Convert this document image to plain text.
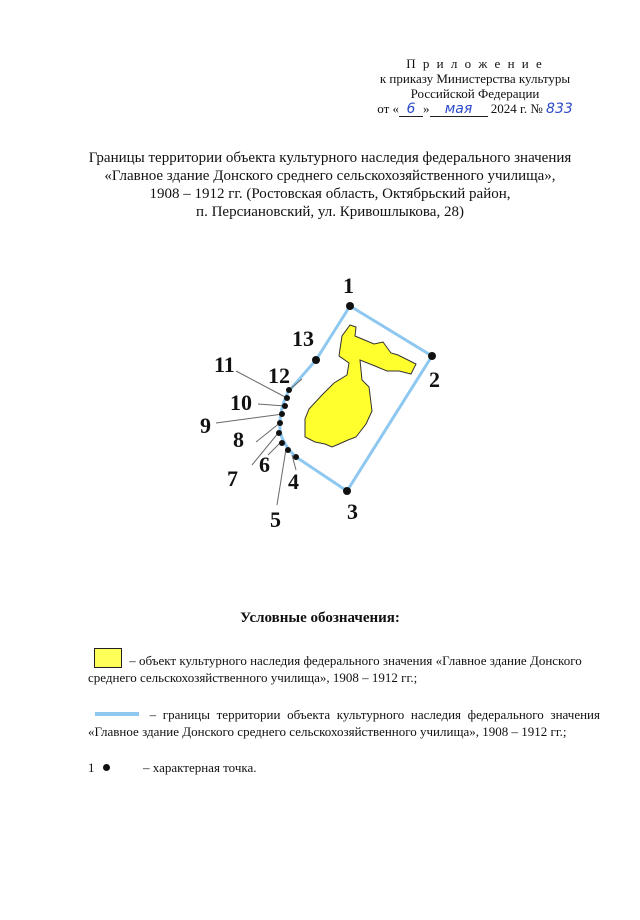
П р и л о ж е н и е
к приказу Министерства культуры
Российской Федерации
от « 6 » мая 2024 г. № 833
Границы территории объекта культурного наследия федерального значения
«Главное здание Донского среднего сельскохозяйственного училища»,
1908 – 1912 гг. (Ростовская область, Октябрьский район,
п. Персиановский, ул. Кривошлыкова, 28)
1
2
3
4
5
6
7
8
9
10
11 12
13
Условные обозначения:
– объект культурного наследия федерального значения «Главное здание Донского среднего сельскохозяйственного училища», 1908 – 1912 гг.;
– границы территории объекта культурного наследия федерального значения «Главное здание Донского среднего сельскохозяйственного училища», 1908 – 1912 гг.;
1	– характерная точка.
